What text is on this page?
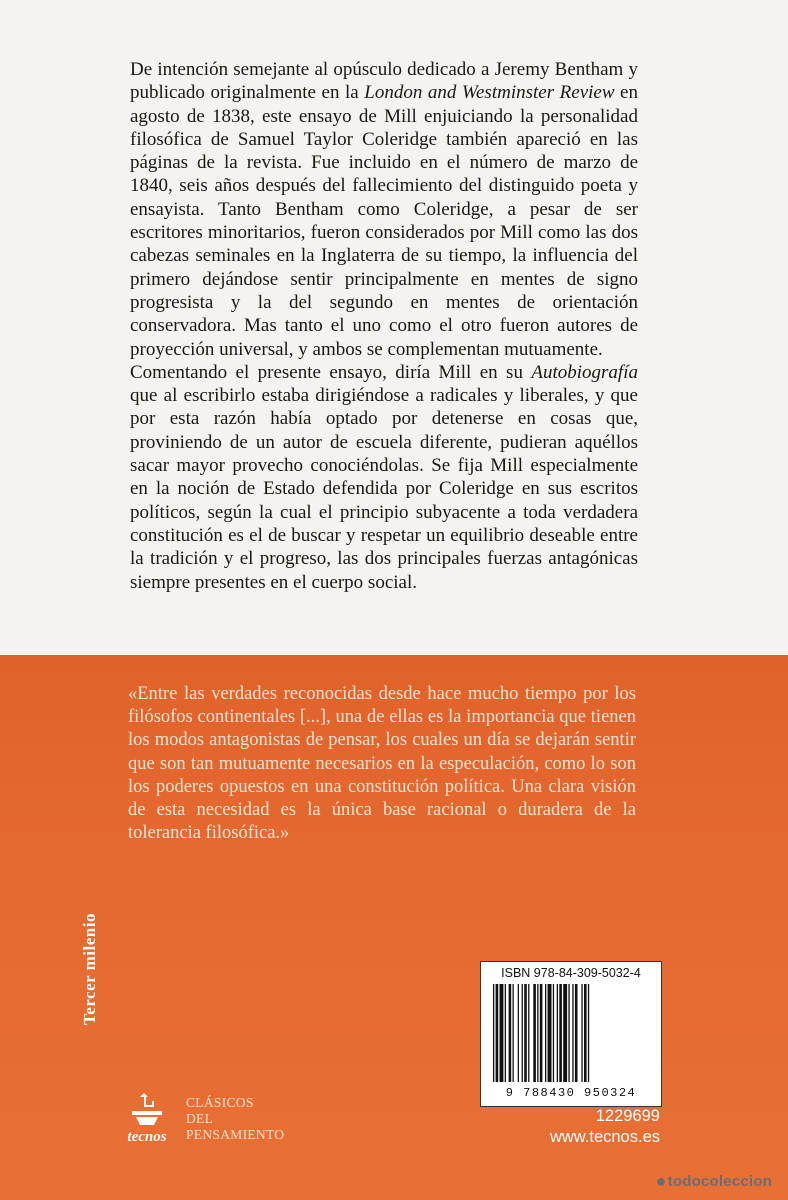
De intención semejante al opúsculo dedicado a Jeremy Bentham y publicado originalmente en la London and Westminster Review en agosto de 1838, este ensayo de Mill enjuiciando la personalidad filosófica de Samuel Taylor Coleridge también apareció en las páginas de la revista. Fue incluido en el número de marzo de 1840, seis años después del fallecimiento del distinguido poeta y ensayista. Tanto Bentham como Coleridge, a pesar de ser escritores minoritarios, fueron considerados por Mill como las dos cabezas seminales en la Inglaterra de su tiempo, la influencia del primero dejándose sentir principalmente en mentes de signo progresista y la del segundo en mentes de orientación conservadora. Mas tanto el uno como el otro fueron autores de proyección universal, y ambos se complementan mutuamente.

Comentando el presente ensayo, diría Mill en su Autobiografía que al escribirlo estaba dirigiéndose a radicales y liberales, y que por esta razón había optado por detenerse en cosas que, proviniendo de un autor de escuela diferente, pudieran aquéllos sacar mayor provecho conociéndolas. Se fija Mill especialmente en la noción de Estado defendida por Coleridge en sus escritos políticos, según la cual el principio subyacente a toda verdadera constitución es el de buscar y respetar un equilibrio deseable entre la tradición y el progreso, las dos principales fuerzas antagónicas siempre presentes en el cuerpo social.

«Entre las verdades reconocidas desde hace mucho tiempo por los filósofos continentales [...], una de ellas es la importancia que tienen los modos antagonistas de pensar, los cuales un día se dejarán sentir que son tan mutuamente necesarios en la especulación, como lo son los poderes opuestos en una constitución política. Una clara visión de esta necesidad es la única base racional o duradera de la tolerancia filosófica.»

Tercer milenio	ISBN 978-84-309-5032-4
9 788430 950324
tecnos
CLÁSICOS
DEL
PENSAMIENTO
1229699
www.tecnos.es
●todocoleccion
